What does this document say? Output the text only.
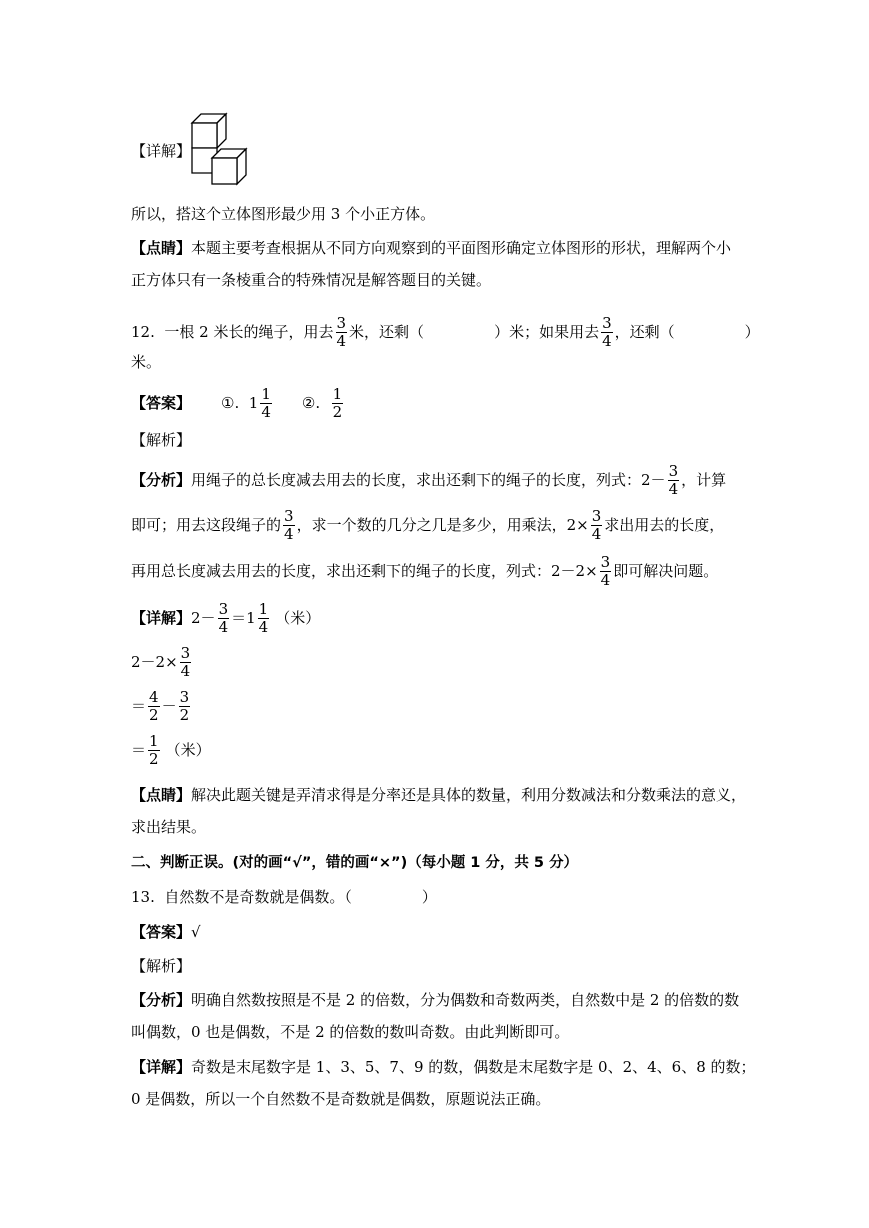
【详解】
所以，搭这个立体图形最少用 3 个小正方体。
【点睛】本题主要考查根据从不同方向观察到的平面图形确定立体图形的形状，理解两个小
正方体只有一条棱重合的特殊情况是解答题目的关键。
12.
一根 2 米长的绳子，用去 $\frac{3}{4}$ 米，还剩（	）米；如果用去 $\frac{3}{4}$ ，还剩（	）
米。
【答案】 ①.
$1 \frac{1}{4}$ ②.
$\frac{1}{2}$
【解析】
【分析】 用绳子的总长度减去用去的长度，求出还剩下的绳子的长度，列式：$2- \frac{3}{4}$ ，计算
即可；用去这段绳子的 $\frac{3}{4}$ ，求一个数的几分之几是多少，用乘法，$2\times \frac{3}{4}$ 求出用去的长度，
再用总长度减去用去的长度，求出还剩下的绳子的长度，列式：$2-2\times \frac{3}{4}$ 即可解决问题。
【详解】 $2- \frac{3}{4} =1 \frac{1}{4}$ （米）
$2-2\times \frac{3}{4}$
＝ $\frac{4}{2} - \frac{3}{2}$
＝ $\frac{1}{2}$ （米）
【点睛】解决此题关键是弄清求得是分率还是具体的数量，利用分数减法和分数乘法的意义，
求出结果。
二、判断正误。(对的画“√”，错的画“×”)（每小题 1 分，共 5 分）
13. 自然数不是奇数就是偶数。（	）
【答案】√
【解析】
【分析】明确自然数按照是不是 2 的倍数，分为偶数和奇数两类，自然数中是 2 的倍数的数
叫偶数，0 也是偶数，不是 2 的倍数的数叫奇数。由此判断即可。
【详解】奇数是末尾数字是 1、3、5、7、9 的数，偶数是末尾数字是 0、2、4、6、8 的数；
0 是偶数，所以一个自然数不是奇数就是偶数，原题说法正确。
